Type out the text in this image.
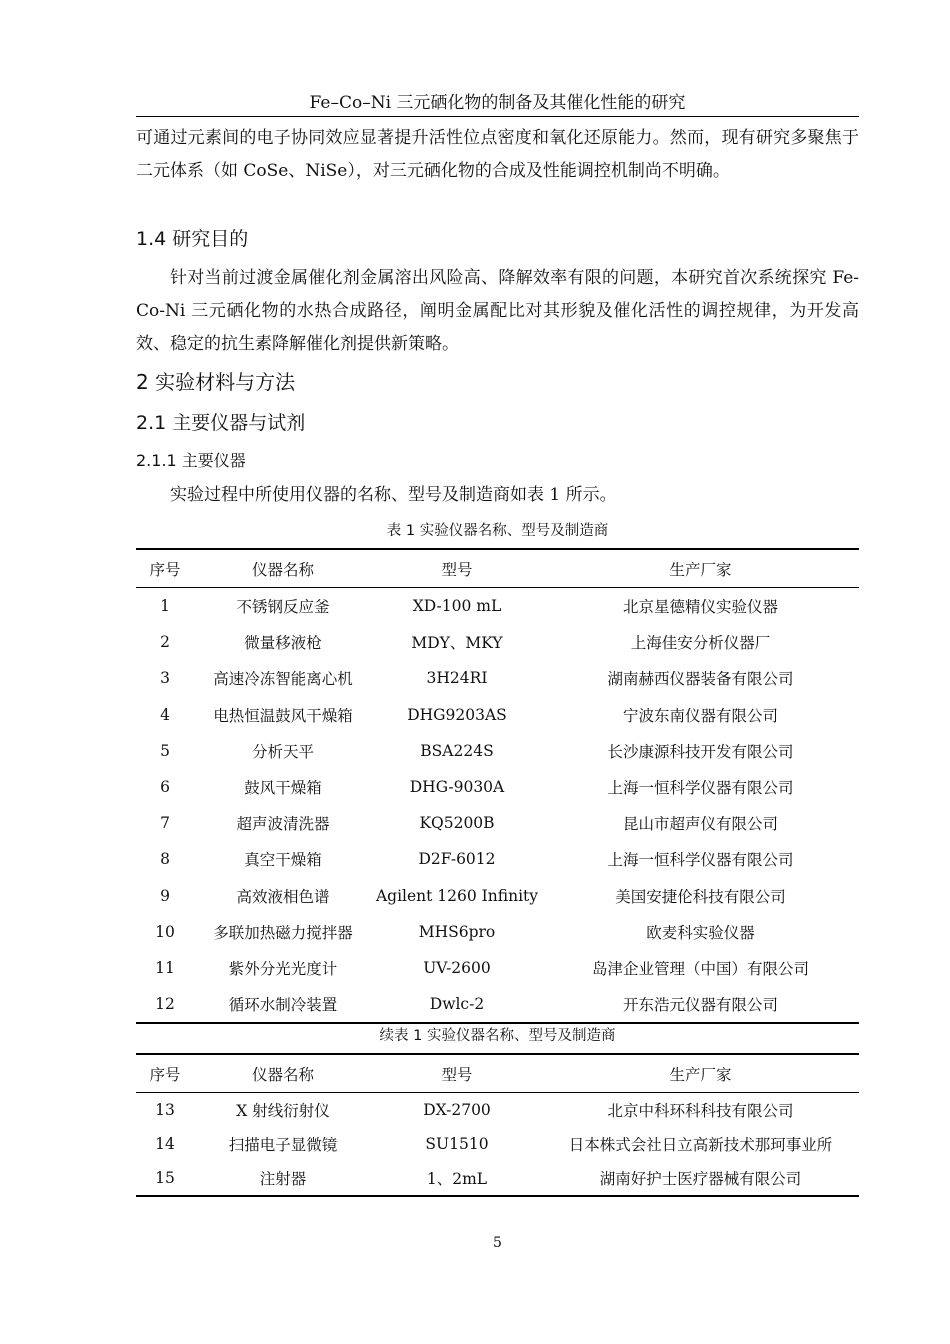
Fe–Co–Ni 三元硒化物的制备及其催化性能的研究
可通过元素间的电子协同效应显著提升活性位点密度和氧化还原能力。然而，现有研究多聚焦于二元体系（如 CoSe、NiSe），对三元硒化物的合成及性能调控机制尚不明确。
1.4 研究目的
针对当前过渡金属催化剂金属溶出风险高、降解效率有限的问题，本研究首次系统探究 Fe-Co-Ni 三元硒化物的水热合成路径，阐明金属配比对其形貌及催化活性的调控规律，为开发高效、稳定的抗生素降解催化剂提供新策略。
2 实验材料与方法
2.1 主要仪器与试剂
2.1.1 主要仪器
实验过程中所使用仪器的名称、型号及制造商如表 1 所示。
表 1 实验仪器名称、型号及制造商
序号	仪器名称	型号	生产厂家
1	不锈钢反应釜	XD-100 mL	北京星德精仪实验仪器
2	微量移液枪	MDY、MKY	上海佳安分析仪器厂
3	高速冷冻智能离心机	3H24RI	湖南赫西仪器装备有限公司
4	电热恒温鼓风干燥箱	DHG9203AS	宁波东南仪器有限公司
5	分析天平	BSA224S	长沙康源科技开发有限公司
6	鼓风干燥箱	DHG-9030A	上海一恒科学仪器有限公司
7	超声波清洗器	KQ5200B	昆山市超声仪有限公司
8	真空干燥箱	D2F-6012	上海一恒科学仪器有限公司
9	高效液相色谱	Agilent 1260 Infinity	美国安捷伦科技有限公司
10	多联加热磁力搅拌器	MHS6pro	欧麦科实验仪器
11	紫外分光光度计	UV-2600	岛津企业管理（中国）有限公司
12	循环水制冷装置	Dwlc-2	开东浩元仪器有限公司
续表 1 实验仪器名称、型号及制造商
序号	仪器名称	型号	生产厂家
13	X 射线衍射仪	DX-2700	北京中科环科科技有限公司
14	扫描电子显微镜	SU1510	日本株式会社日立高新技术那珂事业所
15	注射器	1、2mL	湖南好护士医疗器械有限公司
5
